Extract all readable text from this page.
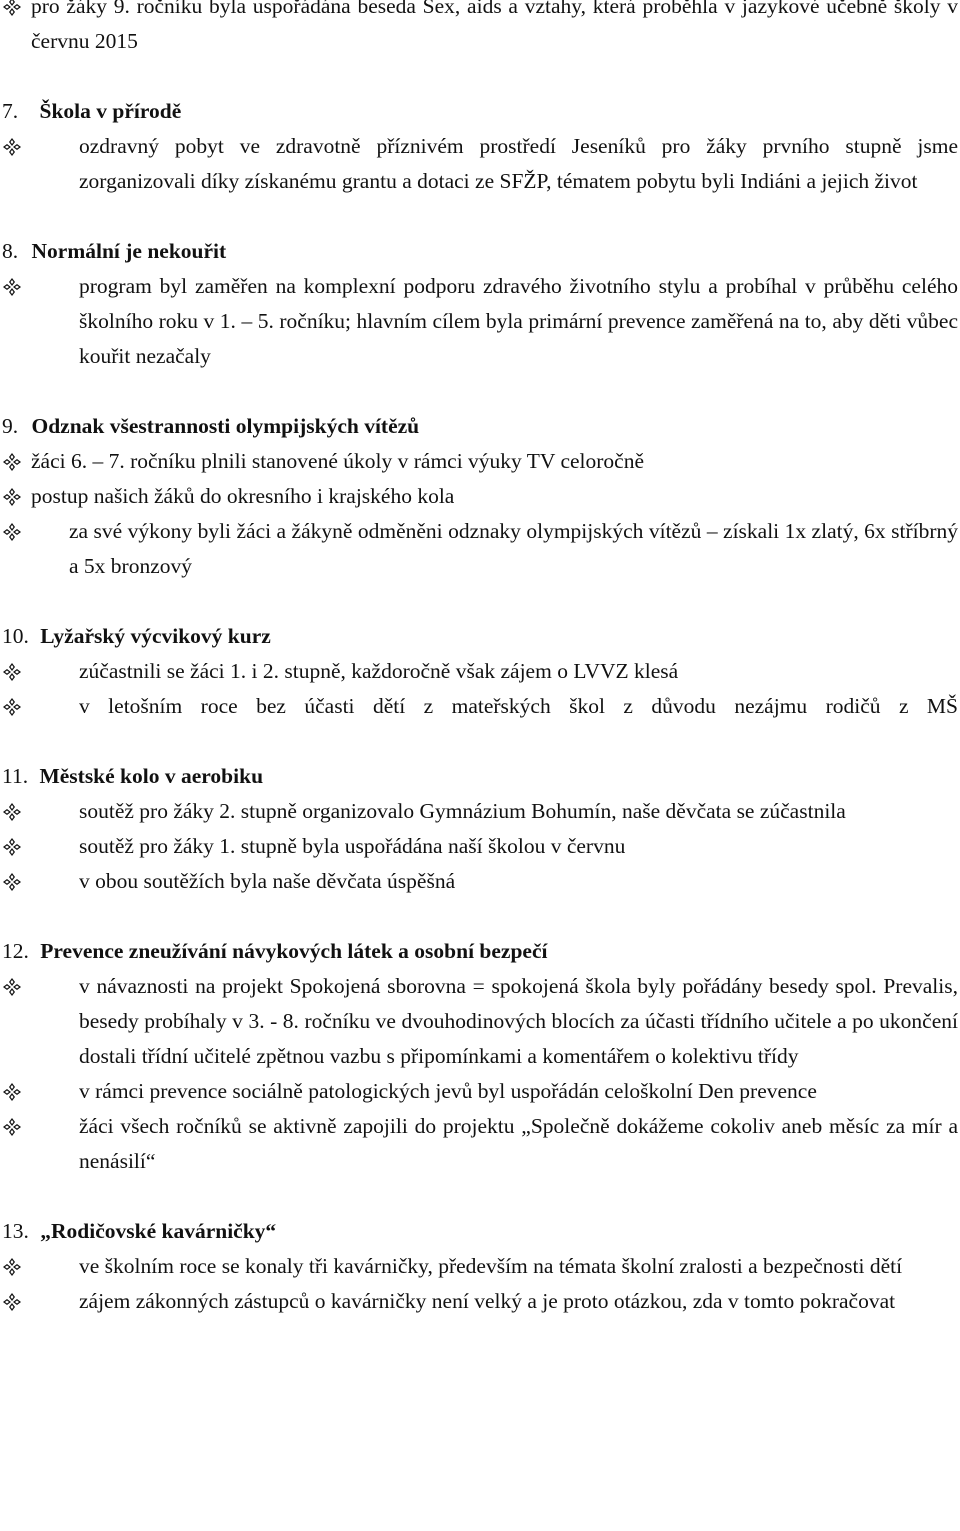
pro žáky 9. ročníku byla uspořádána beseda Sex, aids a vztahy, která proběhla v jazykové učebně školy v červnu 2015
7. Škola v přírodě
ozdravný pobyt ve zdravotně příznivém prostředí Jeseníků pro žáky prvního stupně jsme zorganizovali díky získanému grantu a dotaci ze SFŽP, tématem pobytu byli Indiáni a jejich život
8. Normální je nekouřit
program byl zaměřen na komplexní podporu zdravého životního stylu a probíhal v průběhu celého školního roku v 1. – 5. ročníku; hlavním cílem byla primární prevence zaměřená na to, aby děti vůbec kouřit nezačaly
9. Odznak všestrannosti olympijských vítězů
žáci 6. – 7. ročníku plnili stanovené úkoly v rámci výuky TV celoročně
postup našich žáků do okresního i krajského kola
za své výkony byli žáci a žákyně odměněni odznaky olympijských vítězů – získali 1x zlatý, 6x stříbrný a 5x bronzový
10. Lyžařský výcvikový kurz
zúčastnili se žáci 1. i 2. stupně, každoročně však zájem o LVVZ klesá
v letošním roce bez účasti dětí z mateřských škol z důvodu nezájmu rodičů z MŠ
11. Městské kolo v aerobiku
soutěž pro žáky 2. stupně organizovalo Gymnázium Bohumín, naše děvčata se zúčastnila
soutěž pro žáky 1. stupně byla uspořádána naší školou v červnu
v obou soutěžích byla naše děvčata úspěšná
12. Prevence zneužívání návykových látek a osobní bezpečí
v návaznosti na projekt Spokojená sborovna = spokojená škola byly pořádány besedy spol. Prevalis, besedy probíhaly v 3. - 8. ročníku ve dvouhodinových blocích za účasti třídního učitele a po ukončení dostali třídní učitelé zpětnou vazbu s připomínkami a komentářem o kolektivu třídy
v rámci prevence sociálně patologických jevů byl uspořádán celoškolní Den prevence
žáci všech ročníků se aktivně zapojili do projektu „Společně dokážeme cokoliv aneb měsíc za mír a nenásilí“
13. „Rodičovské kavárničky“
ve školním roce se konaly tři kavárničky, především na témata školní zralosti a bezpečnosti dětí
zájem zákonných zástupců o kavárničky není velký a je proto otázkou, zda v tomto pokračovat
